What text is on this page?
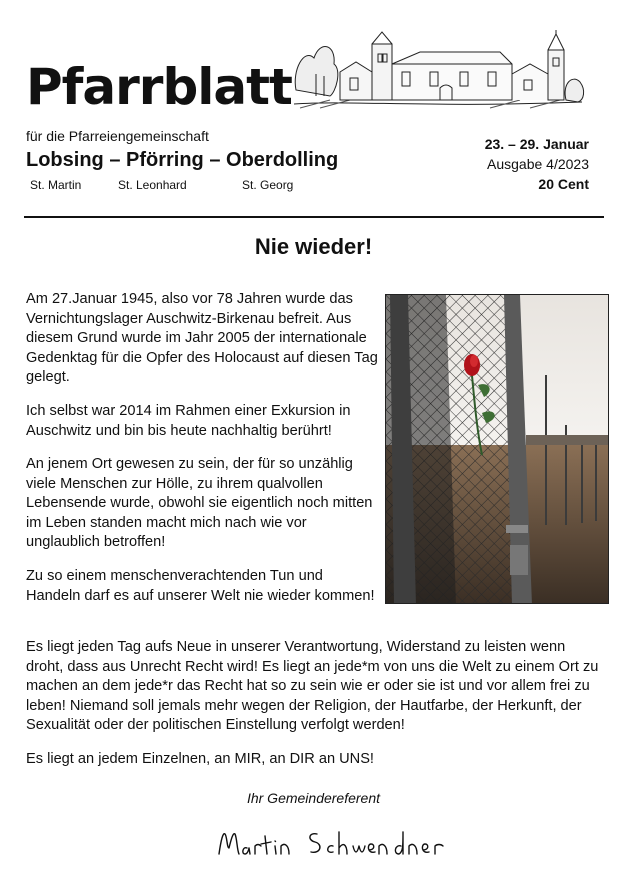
Pfarrblatt
für die Pfarreiengemeinschaft
Lobsing – Pförring – Oberdolling
St. Martin	St. Leonhard	St. Georg
23. – 29. Januar
Ausgabe 4/2023
20 Cent
Nie wieder!

Am 27.Januar 1945, also vor 78 Jahren wurde das Vernichtungslager Auschwitz-Birkenau befreit. Aus diesem Grund wurde im Jahr 2005 der internationale Gedenktag für die Opfer des Holocaust auf diesen Tag gelegt.

Ich selbst war 2014 im Rahmen einer Exkursion in Auschwitz und bin bis heute nachhaltig berührt!

An jenem Ort gewesen zu sein, der für so unzählig viele Menschen zur Hölle, zu ihrem qualvollen Lebensende wurde, obwohl sie eigentlich noch mitten im Leben standen macht mich nach wie vor unglaublich betroffen!

Zu so einem menschenverachtenden Tun und Handeln darf es auf unserer Welt nie wieder kommen!

Es liegt jeden Tag aufs Neue in unserer Verantwortung, Widerstand zu leisten wenn droht, dass aus Unrecht Recht wird! Es liegt an jede*m von uns die Welt zu einem Ort zu machen an dem jede*r das Recht hat so zu sein wie er oder sie ist und vor allem frei zu leben! Niemand soll jemals mehr wegen der Religion, der Hautfarbe, der Herkunft, der Sexualität oder der politischen Einstellung verfolgt werden!

Es liegt an jedem Einzelnen, an MIR, an DIR an UNS!

Ihr Gemeindereferent
